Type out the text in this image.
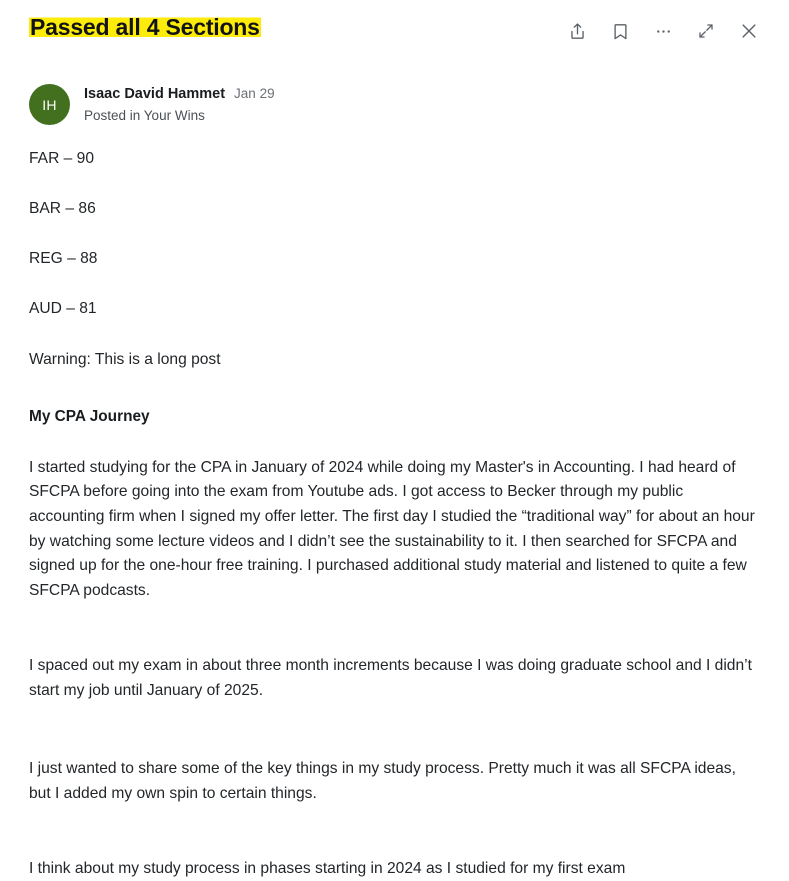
Passed all 4 Sections
IH
Isaac David Hammet Jan 29
Posted in Your Wins

FAR – 90

BAR – 86

REG – 88

AUD – 81

Warning: This is a long post

My CPA Journey

I started studying for the CPA in January of 2024 while doing my Master's in Accounting. I had heard of SFCPA before going into the exam from Youtube ads. I got access to Becker through my public accounting firm when I signed my offer letter. The first day I studied the “traditional way” for about an hour by watching some lecture videos and I didn’t see the sustainability to it. I then searched for SFCPA and signed up for the one-hour free training. I purchased additional study material and listened to quite a few SFCPA podcasts.

I spaced out my exam in about three month increments because I was doing graduate school and I didn’t start my job until January of 2025.

I just wanted to share some of the key things in my study process. Pretty much it was all SFCPA ideas, but I added my own spin to certain things.

I think about my study process in phases starting in 2024 as I studied for my first exam
